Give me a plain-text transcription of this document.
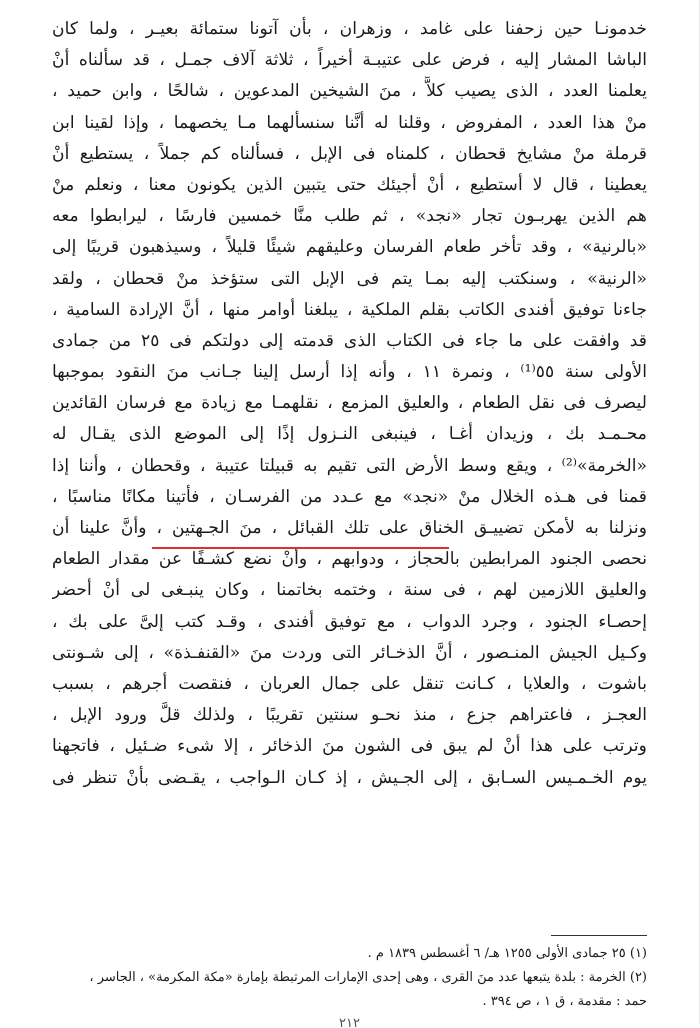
خدمونـا حين زحفنا على غامد ، وزهران ، بأن آتونا ستمائة بعيـر ، ولما كان
الباشا المشار إليه ، فرض على عتيبـة أخيراً ، ثلاثة آلاف جمـل ، قد سألناه أنْ
يعلمنا العدد ، الذى يصيب كلاًّ ، منَ الشيخين المدعوين ، شالحًا ، وابن حميد ،
منْ هذا العدد ، المفروض ، وقلنا له أنَّنا سنسألهما مـا يخصهما ، وإذا لقينا ابن
قرملة منْ مشايخ قحطان ، كلمناه فى الإبل ، فسألناه كم جملاً ، يستطيع أنْ
يعطينا ، قال لا أستطيع ، أنْ أجيئك حتى يتبين الذين يكونون معنا ، ونعلم منْ
هم الذين يهربـون تجار «نجد» ، ثم طلب منَّا خمسين فارسًا ، ليرابطوا معه
«بالرنية» ، وقد تأخر طعام الفرسان وعليقهم شيئًا قليلاً ، وسيذهبون قريبًا إلى
«الرنية» ، وسنكتب إليه بمـا يتم فى الإبل التى ستؤخذ منْ قحطان ، ولقد
جاءنا توفيق أفندى الكاتب بقلم الملكية ، يبلغنا أوامر منها ، أنَّ الإرادة السامية ،
قد وافقت على ما جاء فى الكتاب الذى قدمته إلى دولتكم فى ٢٥ من جمادى
الأولى سنة ٥٥⁽¹⁾ ، ونمرة ١١ ، وأنه إذا أرسل إلينا جـانب منَ النقود بموجبها
ليصرف فى نقل الطعام ، والعليق المزمع ، نقلهمـا مع زيادة مع فرسان القائدين
محـمـد بك ، وزيدان أغـا ، فينبغى النـزول إذًا إلى الموضع الذى يقـال له
«الخرمة»⁽²⁾ ، ويقع وسط الأرض التى تقيم به قبيلتا عتيبة ، وقحطان ، وأننا إذا
قمنا فى هـذه الخلال منْ «نجد» مع عـدد من الفرسـان ، فأتينا مكانًا مناسبًا ،
ونزلنا به لأمكن تضييـق الخناق على تلك القبائل ، منَ الجـهتين ، وأنَّ علينا أن
نحصى الجنود المرابطين بالحجاز ، ودوابهم ، وأنْ نضع كشـفًا عن مقدار الطعام
والعليق اللازمين لهم ، فى سنة ، وختمه بخاتمنا ، وكان ينبـغى لى أنْ أحضر
إحصـاء الجنود ، وجرد الدواب ، مع توفيق أفندى ، وقـد كتب إلىَّ على بك ،
وكـيل الجيش المنـصور ، أنَّ الذخـائر التى وردت منَ «القنفـذة» ، إلى شـونتى
باشوت ، والعلايا ، كـانت تنقل على جمال العربان ، فنقصت أجرهم ، بسبب
العجـز ، فاعتراهم جزع ، منذ نحـو سنتين تقريبًا ، ولذلك قلَّ ورود الإبل ،
وترتب على هذا أنْ لم يبق فى الشون منَ الذخائر ، إلا شىء ضـئيل ، فاتجهنا
يوم الخـمـيس السـابق ، إلى الجـيش ، إذ كـان الـواجب ، يقـضى بأنْ تنظر فى
(١) ٢٥ جمادى الأولى ١٢٥٥ هـ/ ٦ أغسطس ١٨٣٩ م .
(٢) الخرمة : بلدة يتبعها عدد منَ القرى ، وهى إحدى الإمارات المرتبطة بإمارة «مكة المكرمة» ، الجاسر ،
حمد : مقدمة ، ق ١ ، ص ٣٩٤ .
٢١٢
